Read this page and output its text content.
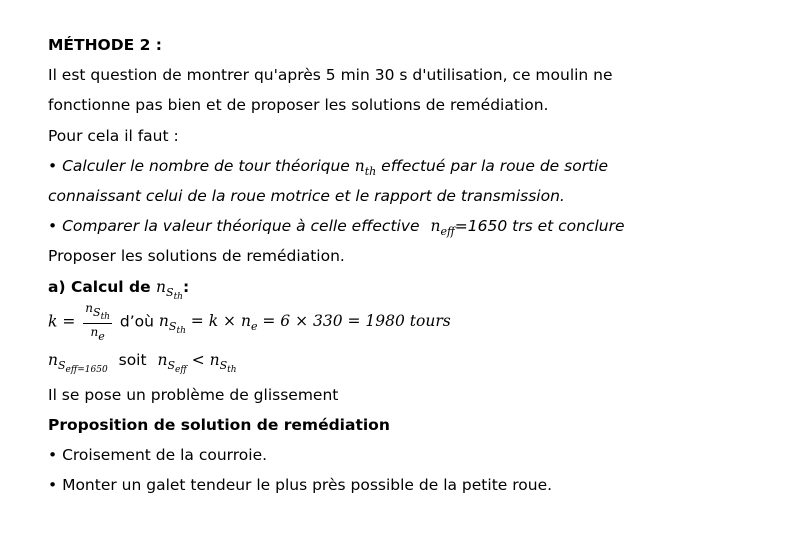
MÉTHODE 2 :
Il est question de montrer qu'après 5 min 30 s d'utilisation, ce moulin ne
fonctionne pas bien et de proposer les solutions de remédiation.
Pour cela il faut :
• Calculer le nombre de tour théorique $n_{th}$ effectué par la roue de sortie
connaissant celui de la roue motrice et le rapport de transmission.
• Comparer la valeur théorique à celle effective $n_{eff}=1650$ trs et conclure
Proposer les solutions de remédiation.
a) Calcul de $n_{S_{th}}$:
$k = \frac{nS_{th}}{ne}$ d’où $n_{S_{th}} = k \times n_e = 6 \times 330 = 1980$ tours
$n_{S_{eff=1650}}$ soit $n_{S_{eff}} < n_{S_{th}}$
Il se pose un problème de glissement
Proposition de solution de remédiation
• Croisement de la courroie.
• Monter un galet tendeur le plus près possible de la petite roue.
